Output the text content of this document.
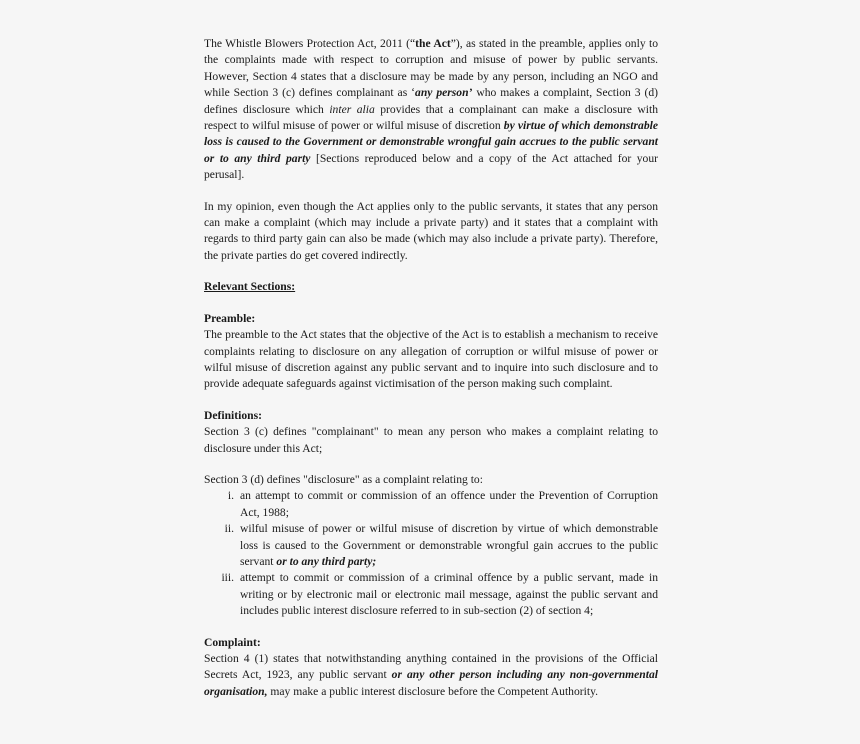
The Whistle Blowers Protection Act, 2011 (“the Act”), as stated in the preamble, applies only to the complaints made with respect to corruption and misuse of power by public servants. However, Section 4 states that a disclosure may be made by any person, including an NGO and while Section 3 (c) defines complainant as ‘any person’ who makes a complaint, Section 3 (d) defines disclosure which inter alia provides that a complainant can make a disclosure with respect to wilful misuse of power or wilful misuse of discretion by virtue of which demonstrable loss is caused to the Government or demonstrable wrongful gain accrues to the public servant or to any third party [Sections reproduced below and a copy of the Act attached for your perusal].

In my opinion, even though the Act applies only to the public servants, it states that any person can make a complaint (which may include a private party) and it states that a complaint with regards to third party gain can also be made (which may also include a private party). Therefore, the private parties do get covered indirectly.

Relevant Sections:

Preamble:

The preamble to the Act states that the objective of the Act is to establish a mechanism to receive complaints relating to disclosure on any allegation of corruption or wilful misuse of power or wilful misuse of discretion against any public servant and to inquire into such disclosure and to provide adequate safeguards against victimisation of the person making such complaint.

Definitions:

Section 3 (c) defines "complainant" to mean any person who makes a complaint relating to disclosure under this Act;

Section 3 (d) defines "disclosure" as a complaint relating to:

i. an attempt to commit or commission of an offence under the Prevention of Corruption Act, 1988;
ii. wilful misuse of power or wilful misuse of discretion by virtue of which demonstrable loss is caused to the Government or demonstrable wrongful gain accrues to the public servant or to any third party;
iii. attempt to commit or commission of a criminal offence by a public servant, made in writing or by electronic mail or electronic mail message, against the public servant and includes public interest disclosure referred to in sub-section (2) of section 4;

Complaint:

Section 4 (1) states that notwithstanding anything contained in the provisions of the Official Secrets Act, 1923, any public servant or any other person including any non-governmental organisation, may make a public interest disclosure before the Competent Authority.
